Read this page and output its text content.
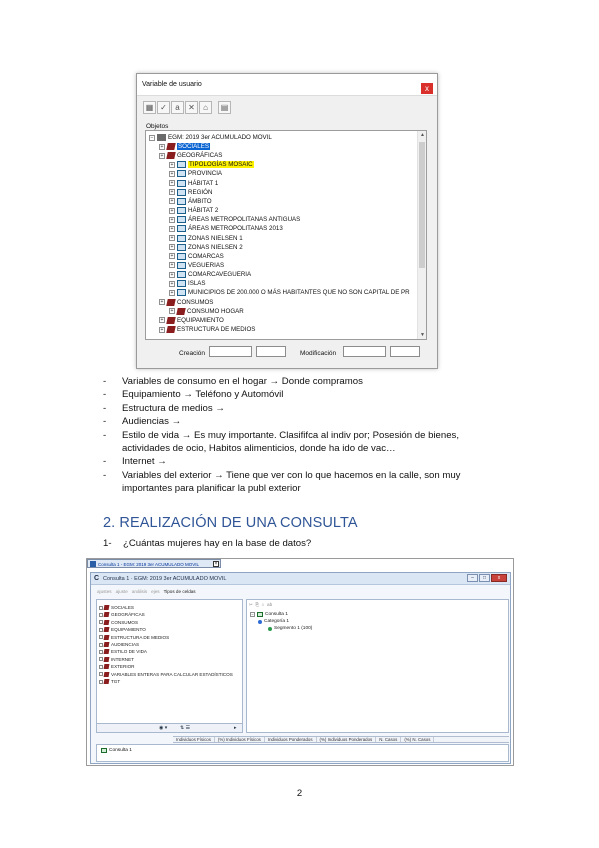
Variable de usuario	x
▦ ✓	a	✕	⌂	▤
Objetos
− EGM: 2019 3er ACUMULADO MOVIL
+ SOCIALES
+ GEOGRÁFICAS
+	TIPOLOGÍAS MOSAIC
+ PROVINCIA
+ HÁBITAT 1
+ REGIÓN
+ ÁMBITO
+ HÁBITAT 2
+ ÁREAS METROPOLITANAS ANTIGUAS
+ ÁREAS METROPOLITANAS 2013
+ ZONAS NIELSEN 1
+ ZONAS NIELSEN 2
+ COMARCAS
+ VEGUERIAS
+ COMARCAVEGUERIA
+ ISLAS
+ MUNICIPIOS DE 200.000 O MÁS HABITANTES QUE NO SON CAPITAL DE PR
+ CONSUMOS
+ CONSUMO HOGAR
+ EQUIPAMIENTO
+ ESTRUCTURA DE MEDIOS
▲
▼
Creación	Modificación
- Variables de consumo en el hogar → Donde compramos
- Equipamiento → Teléfono y Automóvil
- Estructura de medios →
- Audiencias →
- Estilo de vida → Es muy importante. Clasififca al indiv por; Posesión de bienes, actividades de ocio, Habitos alimenticios, donde ha ido de vac…
- Internet →
- Variables del exterior → Tiene que ver con lo que hacemos en la calle, son muy importantes para planificar la publ exterior
2. REALIZACIÓN DE UNA CONSULTA
1- ¿Cuántas mujeres hay en la base de datos?
Consulta 1 - EGM: 2019 3er ACUMULADO MOVIL	×
C Consulta 1 · EGM: 2019 3er ACUMULADO MOVIL	–	□	x
ajustes ajuste análisis ejes Tipos de celdas
SOCIALES
GEOGRÁFICAS
CONSUMOS
EQUIPAMIENTO
ESTRUCTURA DE MEDIOS
AUDIENCIAS
ESTILO DE VIDA
INTERNET
EXTERIOR
VARIABLES ENTERAS PARA CALCULAR ESTADÍSTICOS
TGT
◉ ▾	⇅ ☰	▸
✂ ⎘ ⌂ ab
− Consulta 1
Categoría 1
Segmento 1 (100)
Individuos Físicos	(%) Individuos Físicos	Individuos Ponderados	(%) Individuos Ponderados	N. Casos	(%) N. Casos
Consulta 1
2
